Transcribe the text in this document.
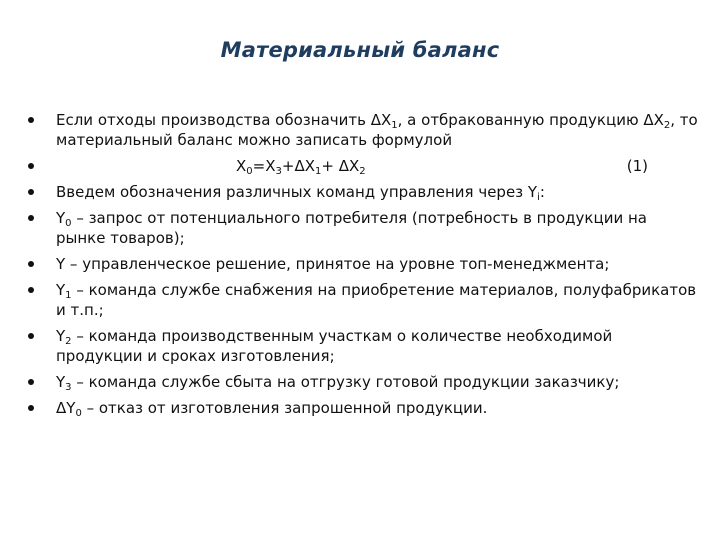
Материальный баланс
Если отходы производства обозначить $\Delta X_1$, а отбракованную продукцию $\Delta X_2$, то материальный баланс можно записать формулой
$X_0=X_3+\Delta X_1+ \Delta X_2$	(1)
Введем обозначения различных команд управления через $Y_i$:
$Y_0$ – запрос от потенциального потребителя (потребность в продукции на рынке товаров);
Y – управленческое решение, принятое на уровне топ-менеджмента;
$Y_1$ – команда службе снабжения на приобретение материалов, полуфабрикатов и т.п.;
$Y_2$ – команда производственным участкам о количестве необходимой продукции и сроках изготовления;
$Y_3$ – команда службе сбыта на отгрузку готовой продукции заказчику;
$\Delta Y_0$ – отказ от изготовления запрошенной продукции.
